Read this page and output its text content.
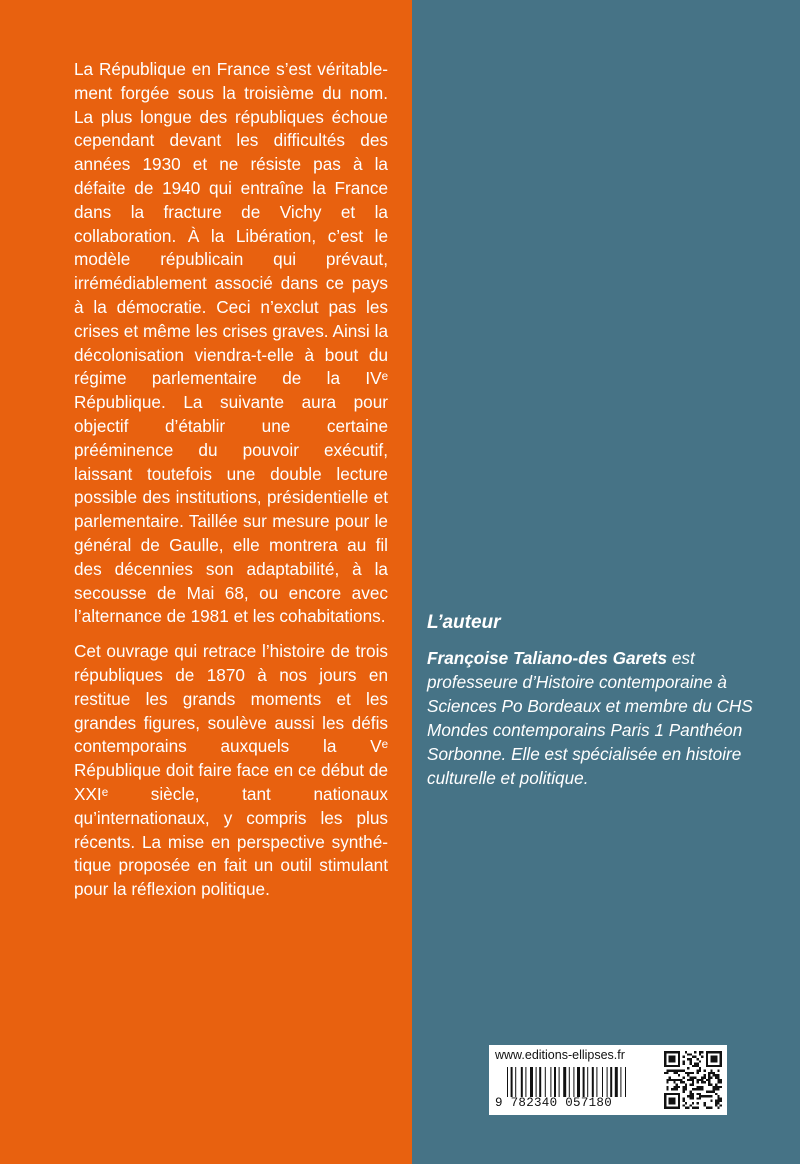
La République en France s’est véritablement forgée sous la troisième du nom. La plus longue des républiques échoue cependant devant les difficultés des années 1930 et ne résiste pas à la défaite de 1940 qui entraîne la France dans la fracture de Vichy et la collaboration. À la Libération, c’est le modèle républicain qui prévaut, irrémédiablement associé dans ce pays à la démocratie. Ceci n’exclut pas les crises et même les crises graves. Ainsi la décolonisation viendra-t-elle à bout du régime parlementaire de la IVᵉ République. La suivante aura pour objectif d’établir une certaine prééminence du pouvoir exécutif, laissant toutefois une double lecture possible des institutions, présidentielle et parlementaire. Taillée sur mesure pour le général de Gaulle, elle montrera au fil des décennies son adaptabilité, à la secousse de Mai 68, ou encore avec l’alternance de 1981 et les cohabitations.

Cet ouvrage qui retrace l’histoire de trois républiques de 1870 à nos jours en restitue les grands moments et les grandes figures, soulève aussi les défis contemporains auxquels la Vᵉ République doit faire face en ce début de XXIᵉ siècle, tant nationaux qu’internationaux, y compris les plus récents. La mise en perspective synthétique proposée en fait un outil stimulant pour la réflexion politique.

L’auteur

Françoise Taliano-des Garets est professeure d’Histoire contemporaine à Sciences Po Bordeaux et membre du CHS Mondes contemporains Paris 1 Panthéon Sorbonne. Elle est spécialisée en histoire culturelle et politique.

www.editions-ellipses.fr
9 782340 057180
